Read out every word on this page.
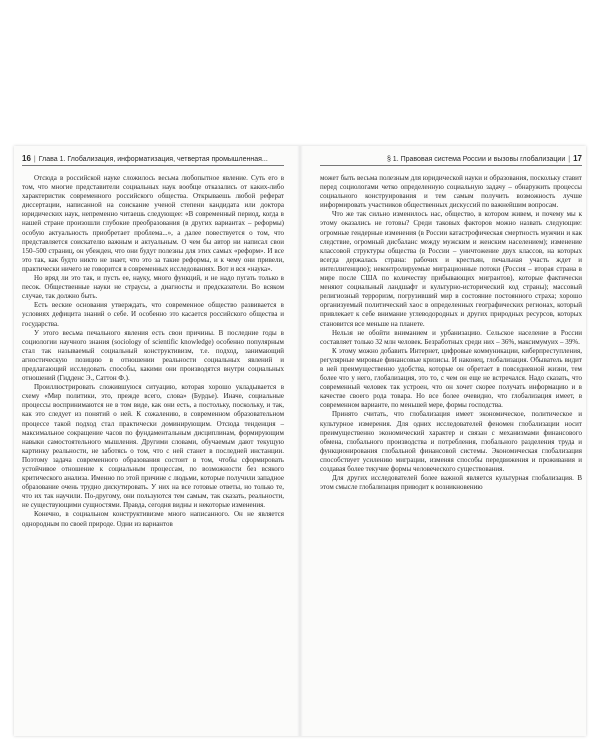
16 | Глава 1. Глобализация, информатизация, четвертая промышленная...

Отсюда в российской науке сложилось весьма любопытное явление. Суть его в том, что многие представители социальных наук вообще отказались от каких-либо характеристик современного российского общества. Открываешь любой реферат диссертации, написанной на соискание ученой степени кандидата или доктора юридических наук, непременно читаешь следующее: «В современный период, когда в нашей стране произошли глубокие преобразования (в других вариантах – реформы) особую актуальность приобретает проблема...», а далее повествуется о том, что представляется соискателю важным и актуальным. О чем бы автор ни написал свои 150–500 страниц, он убежден, что они будут полезны для этих самых «реформ». И все это так, как будто никто не знает, что это за такие реформы, и к чему они привели, практически ничего не говорится в современных исследованиях. Вот и вся «наука».

Но вряд ли это так, и пусть ее, науку, много функций, и не надо пугать только в песок. Общественные науки не страусы, а диагносты и предсказатели. Во всяком случае, так должно быть.

Есть веские основания утверждать, что современное общество развивается в условиях дефицита знаний о себе. И особенно это касается российского общества и государства.

У этого весьма печального явления есть свои причины. В последние годы в социологии научного знания (sociology of scientific knowledge) особенно популярным стал так называемый социальный конструктивизм, т.е. подход, занимающий агностическую позицию в отношении реальности социальных явлений и предлагающий исследовать способы, какими они производятся внутри социальных отношений (Гидденс Э., Саттон Ф.).

Проиллюстрировать сложившуюся ситуацию, которая хорошо укладывается в схему «Мир политики, это, прежде всего, слова» (Бурдье). Иначе, социальные процессы воспринимаются не в том виде, как они есть, а постольку, поскольку, и так, как это следует из понятий о ней. К сожалению, в современном образовательном процессе такой подход стал практически доминирующим. Отсюда тенденция – максимальное сокращение часов по фундаментальным дисциплинам, формирующим навыки самостоятельного мышления. Другими словами, обучаемым дают текущую картинку реальности, не заботясь о том, что с ней станет в последней инстанции. Поэтому задача современного образования состоит в том, чтобы сформировать устойчивое отношение к социальным процессам, по возможности без всякого критического анализа. Именно по этой причине с людьми, которые получили западное образование очень трудно дискутировать. У них на все готовые ответы, но только те, что их так научили. По-другому, они пользуются тем самым, так сказать, реальности, не существующими сущностями. Правда, сегодня видны и некоторые изменения.

Конечно, в социальном конструктивизме много написанного. Он не является однородным по своей природе. Одни из вариантов

§ 1. Правовая система России и вызовы глобализации | 17

может быть весьма полезным для юридической науки и образования, поскольку ставит перед социологами четко определенную социальную задачу – обнаружить процессы социального конструирования и тем самым получить возможность лучше информировать участников общественных дискуссий по важнейшим вопросам.

Что же так сильно изменилось нас, общество, в котором живем, и почему мы к этому оказались не готовы? Среди таковых факторов можно назвать следующие: огромные гендерные изменения (в России катастрофическая смертность мужчин и как следствие, огромный дисбаланс между мужским и женским населением); изменение классовой структуры общества (в России – уничтожение двух классов, на которых всегда держалась страна: рабочих и крестьян, печальная участь ждет и интеллигенцию); неконтролируемые миграционные потоки (Россия – вторая страна в мире после США по количеству прибывающих мигрантов), которые фактически меняют социальный ландшафт и культурно-исторический код страны); массовый религиозный терроризм, погрузивший мир в состояние постоянного страха; хорошо организуемый политический хаос в определенных географических регионах, который привлекает к себе внимание углеводородных и других природных ресурсов, которых становится все меньше на планете.

Нельзя не обойти вниманием и урбанизацию. Сельское население в России составляет только 32 млн человек. Безработных среди них – 36%, максимумуих – 39%.

К этому можно добавить Интернет, цифровые коммуникации, киберпреступления, регулярные мировые финансовые кризисы. И наконец, глобализация. Обыватель видит в ней преимущественно удобства, которые он обретает в повседневной жизни, тем более что у него, глобализация, это то, с чем он еще не встречался. Надо сказать, что современный человек так устроен, что он хочет скорее получать информацию и в качестве своего рода товара. Но все более очевидно, что глобализация имеет, в современном варианте, по меньшей мере, формы господства.

Принято считать, что глобализация имеет экономическое, политическое и культурное измерения. Для одних исследователей феномен глобализации носит преимущественно экономический характер и связан с механизмами финансового обмена, глобального производства и потребления, глобального разделения труда и функционирования глобальной финансовой системы. Экономическая глобализация способствует усилению миграции, изменяя способы передвижения и проживания и создавая более текучие формы человеческого существования.

Для других исследователей более важной является культурная глобализация. В этом смысле глобализация приводит к возникновению
